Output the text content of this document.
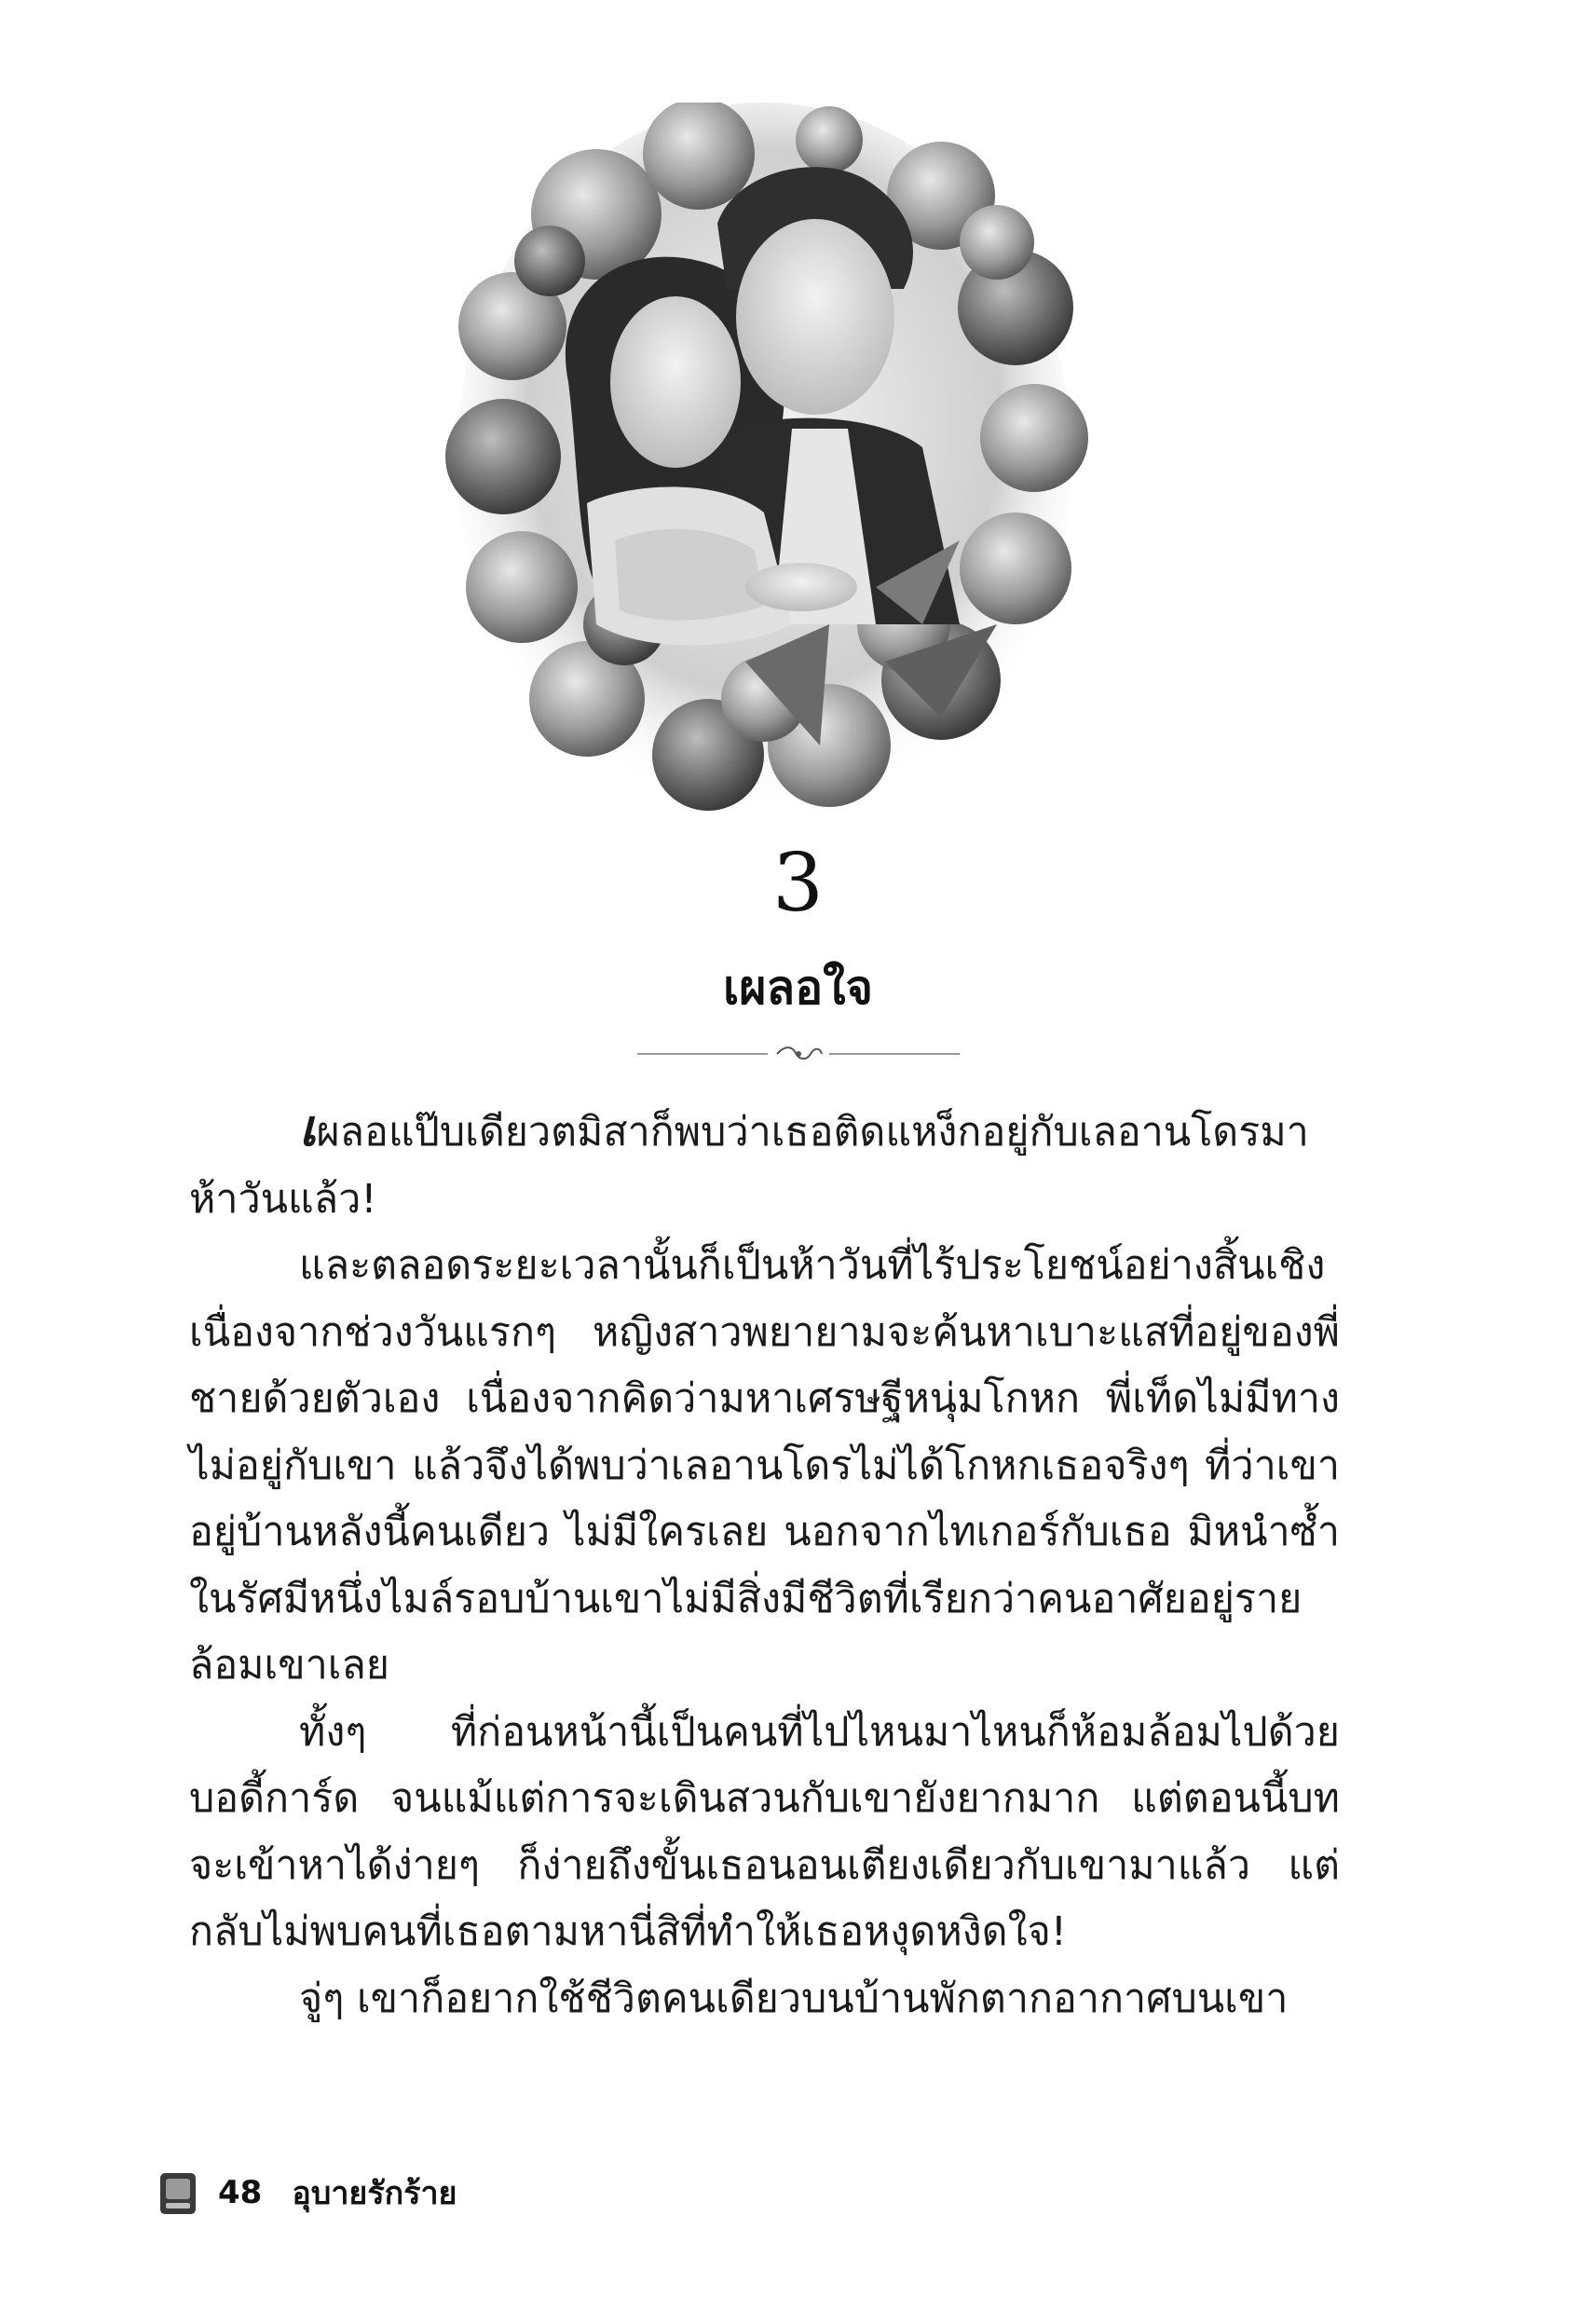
3
เผลอใจ

เผลอแป๊บเดียวตมิสาก็พบว่าเธอติดแหง็กอยู่กับเลอานโดรมาห้าวันแล้ว!

และตลอดระยะเวลานั้นก็เป็นห้าวันที่ไร้ประโยชน์อย่างสิ้นเชิง เนื่องจากช่วงวันแรกๆ หญิงสาวพยายามจะค้นหาเบาะแสที่อยู่ของพี่ชายด้วยตัวเอง เนื่องจากคิดว่ามหาเศรษฐีหนุ่มโกหก พี่เท็ดไม่มีทางไม่อยู่กับเขา แล้วจึงได้พบว่าเลอานโดรไม่ได้โกหกเธอจริงๆ ที่ว่าเขาอยู่บ้านหลังนี้คนเดียว ไม่มีใครเลย นอกจากไทเกอร์กับเธอ มิหนำซ้ำในรัศมีหนึ่งไมล์รอบบ้านเขาไม่มีสิ่งมีชีวิตที่เรียกว่าคนอาศัยอยู่รายล้อมเขาเลย

ทั้งๆ ที่ก่อนหน้านี้เป็นคนที่ไปไหนมาไหนก็ห้อมล้อมไปด้วยบอดี้การ์ด จนแม้แต่การจะเดินสวนกับเขายังยากมาก แต่ตอนนี้บทจะเข้าหาได้ง่ายๆ ก็ง่ายถึงขั้นเธอนอนเตียงเดียวกับเขามาแล้ว แต่กลับไม่พบคนที่เธอตามหานี่สิที่ทำให้เธอหงุดหงิดใจ!

จู่ๆ เขาก็อยากใช้ชีวิตคนเดียวบนบ้านพักตากอากาศบนเขา

48 อุบายรักร้าย
